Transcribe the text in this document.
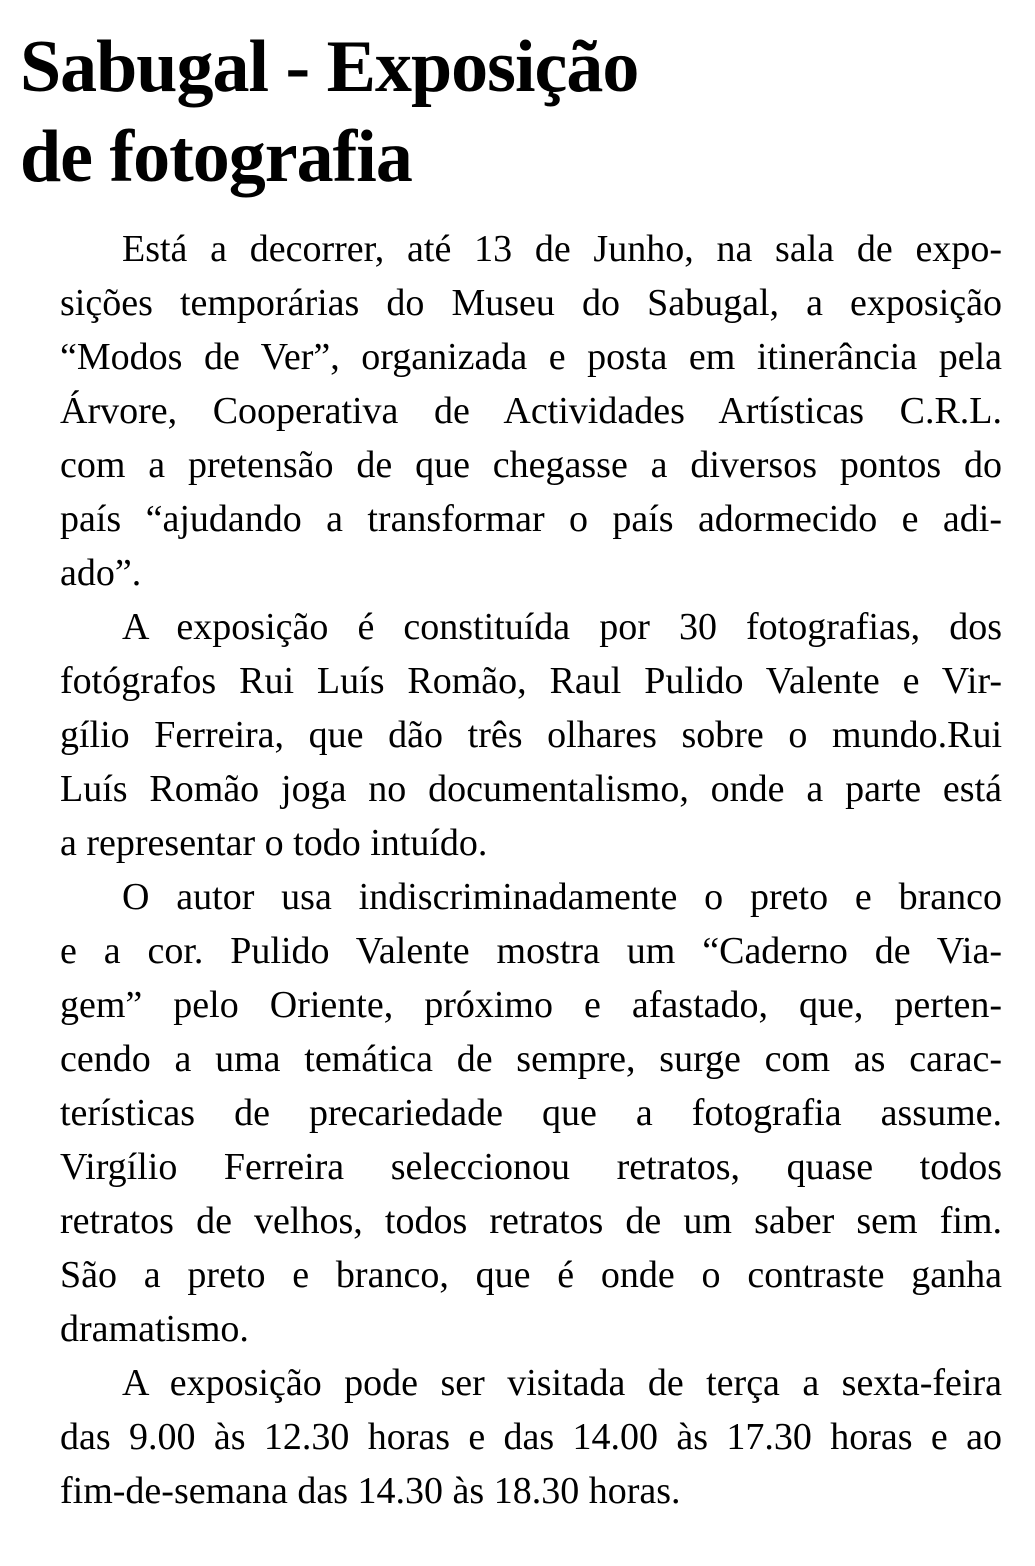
Sabugal - Exposição
de fotografia

Está a decorrer, até 13 de Junho, na sala de expo-
sições temporárias do Museu do Sabugal, a exposição
“Modos de Ver”, organizada e posta em itinerância pela
Árvore, Cooperativa de Actividades Artísticas C.R.L.
com a pretensão de que chegasse a diversos pontos do
país “ajudando a transformar o país adormecido e adi-
ado”.

A exposição é constituída por 30 fotografias, dos
fotógrafos Rui Luís Romão, Raul Pulido Valente e Vir-
gílio Ferreira, que dão três olhares sobre o mundo.Rui
Luís Romão joga no documentalismo, onde a parte está
a representar o todo intuído.

O autor usa indiscriminadamente o preto e branco
e a cor. Pulido Valente mostra um “Caderno de Via-
gem” pelo Oriente, próximo e afastado, que, perten-
cendo a uma temática de sempre, surge com as carac-
terísticas de precariedade que a fotografia assume.
Virgílio Ferreira seleccionou retratos, quase todos
retratos de velhos, todos retratos de um saber sem fim.
São a preto e branco, que é onde o contraste ganha
dramatismo.

A exposição pode ser visitada de terça a sexta-feira
das 9.00 às 12.30 horas e das 14.00 às 17.30 horas e ao
fim-de-semana das 14.30 às 18.30 horas.
